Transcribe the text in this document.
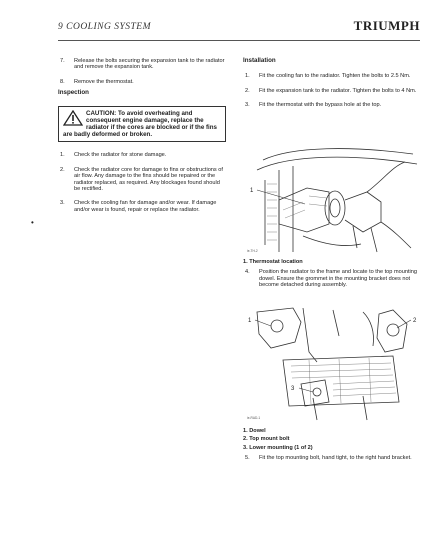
9 COOLING SYSTEM	TRIUMPH
7. Release the bolts securing the expansion tank to the radiator and remove the expansion tank.
8. Remove the thermostat.
Inspection
CAUTION: To avoid overheating and consequent engine damage, replace the radiator if the cores are blocked or if the fins are badly deformed or broken.
1. Check the radiator for stone damage.
2. Check the radiator core for damage to fins or obstructions of air flow. Any damage to the fins should be repaired or the radiator replaced, as required. Any blockages found should be rectified.
3. Check the cooling fan for damage and/or wear. If damage and/or wear is found, repair or replace the radiator.
•
Installation
1. Fit the cooling fan to the radiator. Tighten the bolts to 2.5 Nm.
2. Fit the expansion tank to the radiator. Tighten the bolts to 4 Nm.
3. Fit the thermostat with the bypass hole at the top.
1
ie-TH-2
1. Thermostat location
4. Position the radiator to the frame and locate to the top mounting dowel. Ensure the grommet in the mounting bracket does not become detached during assembly.
1	2
3
ie-RAD-1
1. Dowel
2. Top mount bolt
3. Lower mounting (1 of 2)
5. Fit the top mounting bolt, hand tight, to the right hand bracket.
